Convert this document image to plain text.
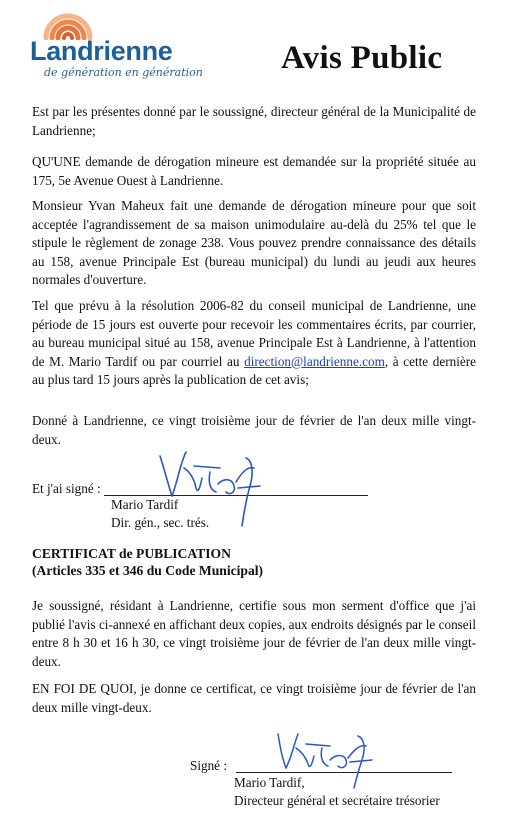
Landrienne
de génération en génération Avis Public

Est par les présentes donné par le soussigné, directeur général de la Municipalité de Landrienne;

QU'UNE demande de dérogation mineure est demandée sur la propriété située au 175, 5e Avenue Ouest à Landrienne.

Monsieur Yvan Maheux fait une demande de dérogation mineure pour que soit acceptée l'agrandissement de sa maison unimodulaire au-delà du 25% tel que le stipule le règlement de zonage 238. Vous pouvez prendre connaissance des détails au 158, avenue Principale Est (bureau municipal) du lundi au jeudi aux heures normales d'ouverture.

Tel que prévu à la résolution 2006-82 du conseil municipal de Landrienne, une période de 15 jours est ouverte pour recevoir les commentaires écrits, par courrier, au bureau municipal situé au 158, avenue Principale Est à Landrienne, à l'attention de M. Mario Tardif ou par courriel au direction@landrienne.com, à cette dernière au plus tard 15 jours après la publication de cet avis;

Donné à Landrienne, ce vingt troisième jour de février de l'an deux mille vingt-deux.

Et j'ai signé :
Mario Tardif
Dir. gén., sec. trés.
CERTIFICAT de PUBLICATION
(Articles 335 et 346 du Code Municipal)

Je soussigné, résidant à Landrienne, certifie sous mon serment d'office que j'ai publié l'avis ci-annexé en affichant deux copies, aux endroits désignés par le conseil entre 8 h 30 et 16 h 30, ce vingt troisième jour de février de l'an deux mille vingt-deux.

EN FOI DE QUOI, je donne ce certificat, ce vingt troisième jour de février de l'an deux mille vingt-deux.

Signé :
Mario Tardif,
Directeur général et secrétaire trésorier
